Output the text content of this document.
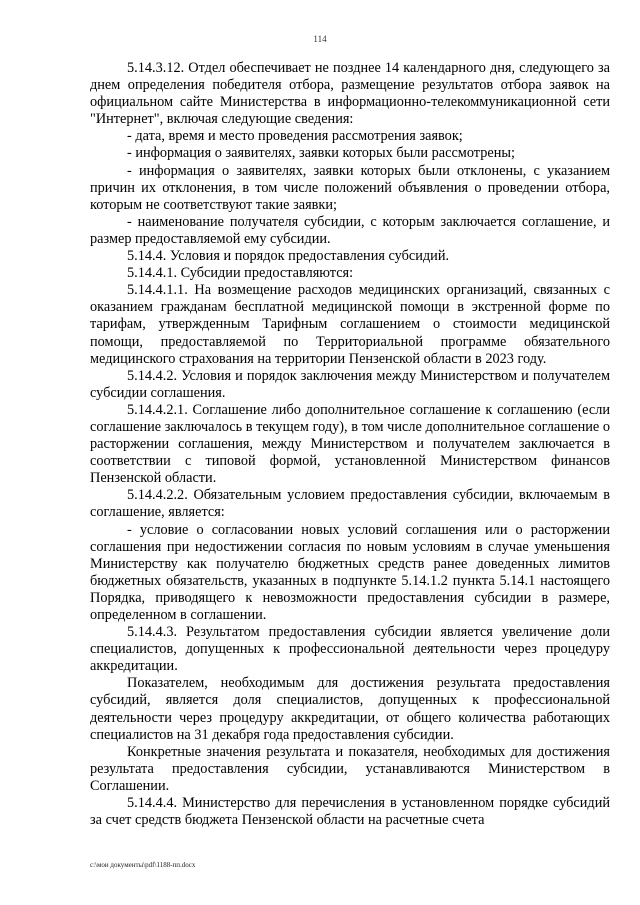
114

5.14.3.12. Отдел обеспечивает не позднее 14 календарного дня, следующего за днем определения победителя отбора, размещение результатов отбора заявок на официальном сайте Министерства в информационно-телекоммуникационной сети "Интернет", включая следующие сведения:

- дата, время и место проведения рассмотрения заявок;

- информация о заявителях, заявки которых были рассмотрены;

- информация о заявителях, заявки которых были отклонены, с указанием причин их отклонения, в том числе положений объявления о проведении отбора, которым не соответствуют такие заявки;

- наименование получателя субсидии, с которым заключается соглашение, и размер предоставляемой ему субсидии.

5.14.4. Условия и порядок предоставления субсидий.

5.14.4.1. Субсидии предоставляются:

5.14.4.1.1. На возмещение расходов медицинских организаций, связанных с оказанием гражданам бесплатной медицинской помощи в экстренной форме по тарифам, утвержденным Тарифным соглашением о стоимости медицинской помощи, предоставляемой по Территориальной программе обязательного медицинского страхования на территории Пензенской области в 2023 году.

5.14.4.2. Условия и порядок заключения между Министерством и получателем субсидии соглашения.

5.14.4.2.1. Соглашение либо дополнительное соглашение к соглашению (если соглашение заключалось в текущем году), в том числе дополнительное соглашение о расторжении соглашения, между Министерством и получателем заключается в соответствии с типовой формой, установленной Министерством финансов Пензенской области.

5.14.4.2.2. Обязательным условием предоставления субсидии, включаемым в соглашение, является:

- условие о согласовании новых условий соглашения или о расторжении соглашения при недостижении согласия по новым условиям в случае уменьшения Министерству как получателю бюджетных средств ранее доведенных лимитов бюджетных обязательств, указанных в подпункте 5.14.1.2 пункта 5.14.1 настоящего Порядка, приводящего к невозможности предоставления субсидии в размере, определенном в соглашении.

5.14.4.3. Результатом предоставления субсидии является увеличение доли специалистов, допущенных к профессиональной деятельности через процедуру аккредитации.

Показателем, необходимым для достижения результата предоставления субсидий, является доля специалистов, допущенных к профессиональной деятельности через процедуру аккредитации, от общего количества работающих специалистов на 31 декабря года предоставления субсидии.

Конкретные значения результата и показателя, необходимых для достижения результата предоставления субсидии, устанавливаются Министерством в Соглашении.

5.14.4.4. Министерство для перечисления в установленном порядке субсидий за счет средств бюджета Пензенской области на расчетные счета

c:\мои документы\pdf\1188-пп.docx
